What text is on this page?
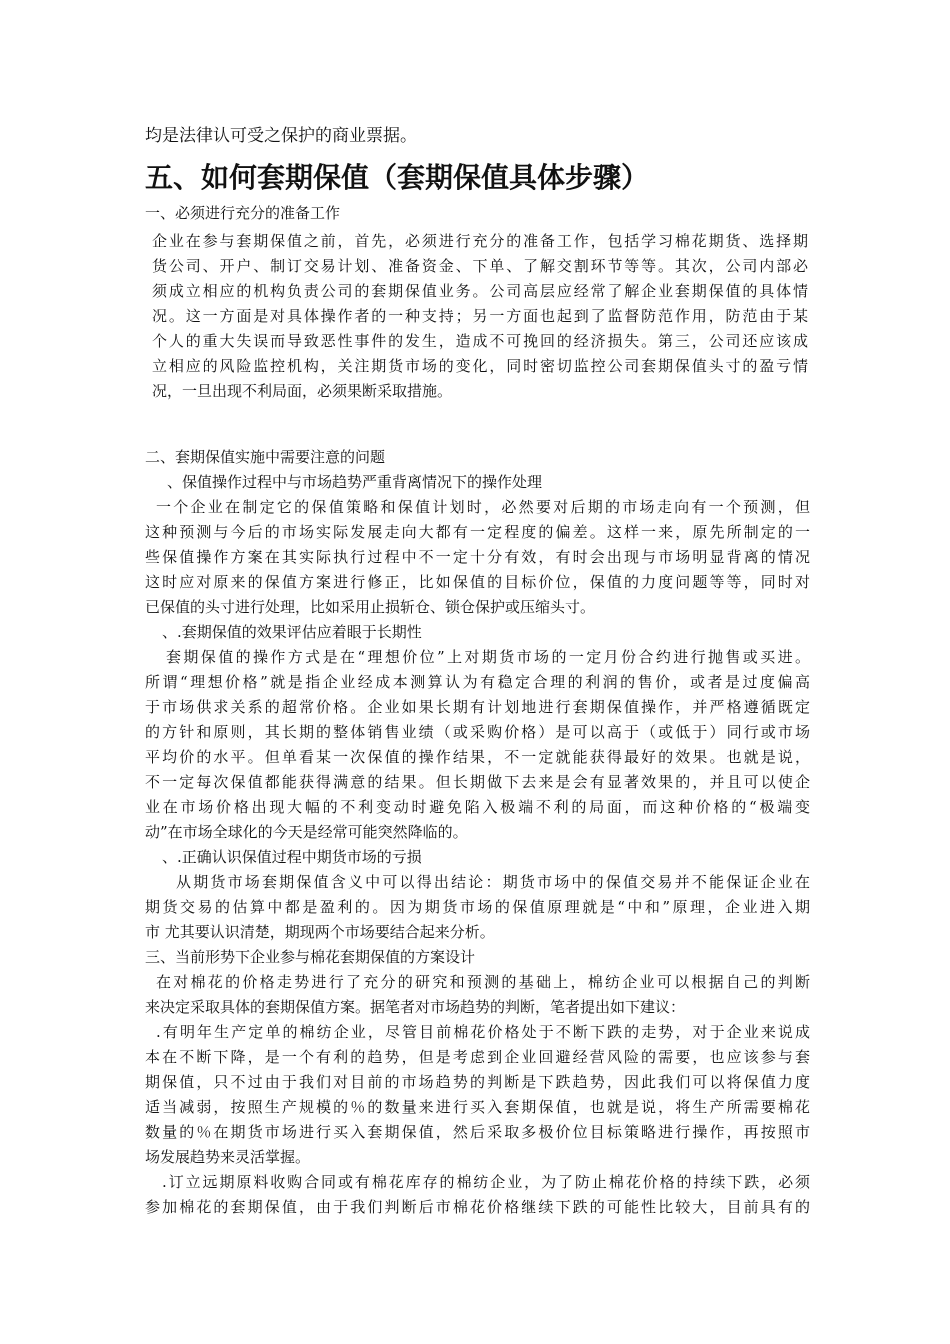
均是法律认可受之保护的商业票据。
五、如何套期保值（套期保值具体步骤）
一、必须进行充分的准备工作
企业在参与套期保值之前，首先，必须进行充分的准备工作，包括学习棉花期货、选择期
货公司、开户、制订交易计划、准备资金、下单、了解交割环节等等。其次，公司内部必
须成立相应的机构负责公司的套期保值业务。公司高层应经常了解企业套期保值的具体情
况。这一方面是对具体操作者的一种支持；另一方面也起到了监督防范作用，防范由于某
个人的重大失误而导致恶性事件的发生，造成不可挽回的经济损失。第三，公司还应该成
立相应的风险监控机构，关注期货市场的变化，同时密切监控公司套期保值头寸的盈亏情
况，一旦出现不利局面，必须果断采取措施。
二、套期保值实施中需要注意的问题
、保值操作过程中与市场趋势严重背离情况下的操作处理
一个企业在制定它的保值策略和保值计划时，必然要对后期的市场走向有一个预测，但
这种预测与今后的市场实际发展走向大都有一定程度的偏差。这样一来，原先所制定的一
些保值操作方案在其实际执行过程中不一定十分有效，有时会出现与市场明显背离的情况
这时应对原来的保值方案进行修正，比如保值的目标价位，保值的力度问题等等，同时对
已保值的头寸进行处理，比如采用止损斩仓、锁仓保护或压缩头寸。
、.套期保值的效果评估应着眼于长期性
套期保值的操作方式是在“理想价位”上对期货市场的一定月份合约进行抛售或买进。
所谓“理想价格”就是指企业经成本测算认为有稳定合理的利润的售价，或者是过度偏高
于市场供求关系的超常价格。企业如果长期有计划地进行套期保值操作，并严格遵循既定
的方针和原则，其长期的整体销售业绩（或采购价格）是可以高于（或低于）同行或市场
平均价的水平。但单看某一次保值的操作结果，不一定就能获得最好的效果。也就是说，
不一定每次保值都能获得满意的结果。但长期做下去来是会有显著效果的，并且可以使企
业在市场价格出现大幅的不利变动时避免陷入极端不利的局面，而这种价格的“极端变
动”在市场全球化的今天是经常可能突然降临的。
、.正确认识保值过程中期货市场的亏损
从期货市场套期保值含义中可以得出结论：期货市场中的保值交易并不能保证企业在
期货交易的估算中都是盈利的。因为期货市场的保值原理就是“中和”原理，企业进入期
市 尤其要认识清楚，期现两个市场要结合起来分析。
三、当前形势下企业参与棉花套期保值的方案设计
在对棉花的价格走势进行了充分的研究和预测的基础上，棉纺企业可以根据自己的判断
来决定采取具体的套期保值方案。据笔者对市场趋势的判断，笔者提出如下建议：
.有明年生产定单的棉纺企业，尽管目前棉花价格处于不断下跌的走势，对于企业来说成
本在不断下降，是一个有利的趋势，但是考虑到企业回避经营风险的需要，也应该参与套
期保值，只不过由于我们对目前的市场趋势的判断是下跌趋势，因此我们可以将保值力度
适当减弱，按照生产规模的％的数量来进行买入套期保值，也就是说，将生产所需要棉花
数量的％在期货市场进行买入套期保值，然后采取多极价位目标策略进行操作，再按照市
场发展趋势来灵活掌握。
.订立远期原料收购合同或有棉花库存的棉纺企业，为了防止棉花价格的持续下跌，必须
参加棉花的套期保值，由于我们判断后市棉花价格继续下跌的可能性比较大，目前具有的
